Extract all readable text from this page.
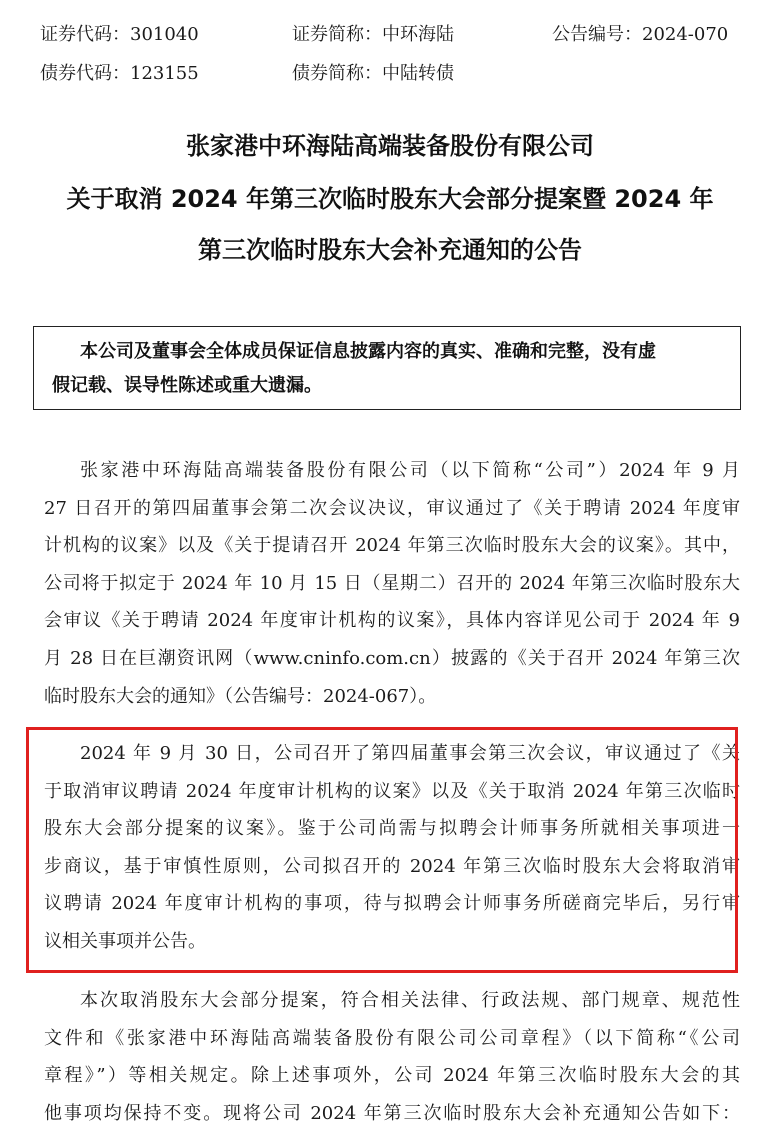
证券代码：301040	证券简称：中环海陆	公告编号：2024-070
债券代码：123155	债券简称：中陆转债
张家港中环海陆高端装备股份有限公司
关于取消 2024 年第三次临时股东大会部分提案暨 2024 年
第三次临时股东大会补充通知的公告
本公司及董事会全体成员保证信息披露内容的真实、准确和完整，没有虚
假记载、误导性陈述或重大遗漏。
张家港中环海陆高端装备股份有限公司（以下简称“公司”）2024 年 9 月
27 日召开的第四届董事会第二次会议决议，审议通过了《关于聘请 2024 年度审
计机构的议案》以及《关于提请召开 2024 年第三次临时股东大会的议案》。其中，
公司将于拟定于 2024 年 10 月 15 日（星期二）召开的 2024 年第三次临时股东大
会审议《关于聘请 2024 年度审计机构的议案》，具体内容详见公司于 2024 年 9
月 28 日在巨潮资讯网（www.cninfo.com.cn）披露的《关于召开 2024 年第三次
临时股东大会的通知》（公告编号：2024-067）。
2024 年 9 月 30 日，公司召开了第四届董事会第三次会议，审议通过了《关
于取消审议聘请 2024 年度审计机构的议案》以及《关于取消 2024 年第三次临时
股东大会部分提案的议案》。鉴于公司尚需与拟聘会计师事务所就相关事项进一
步商议，基于审慎性原则，公司拟召开的 2024 年第三次临时股东大会将取消审
议聘请 2024 年度审计机构的事项，待与拟聘会计师事务所磋商完毕后，另行审
议相关事项并公告。
本次取消股东大会部分提案，符合相关法律、行政法规、部门规章、规范性
文件和《张家港中环海陆高端装备股份有限公司公司章程》（以下简称“《公司
章程》”）等相关规定。除上述事项外，公司 2024 年第三次临时股东大会的其
他事项均保持不变。现将公司 2024 年第三次临时股东大会补充通知公告如下：
